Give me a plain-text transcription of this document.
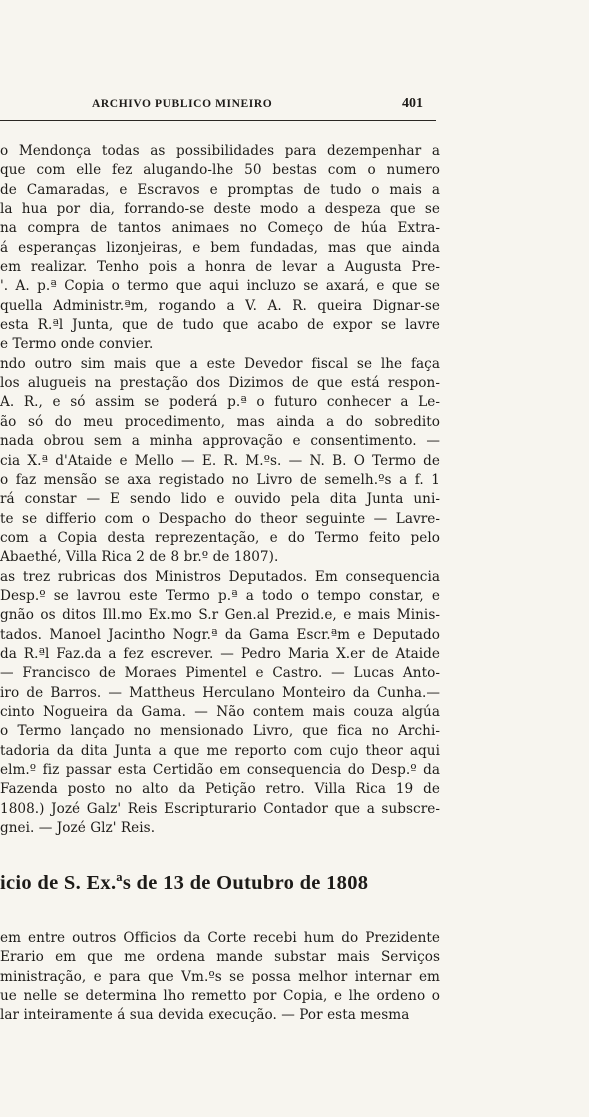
ARCHIVO PUBLICO MINEIRO	401
o Mendonça todas as possibilidades para dezempenhar a
que com elle fez alugando-lhe 50 bestas com o numero
de Camaradas, e Escravos e promptas de tudo o mais a
la hua por dia, forrando-se deste modo a despeza que se
na compra de tantos animaes no Começo de húa Extra-
á esperanças lizonjeiras, e bem fundadas, mas que ainda
em realizar. Tenho pois a honra de levar a Augusta Pre-
'. A. p.ª Copia o termo que aqui incluzo se axará, e que se
quella Administr.ªm, rogando a V. A. R. queira Dignar-se
esta R.ªl Junta, que de tudo que acabo de expor se lavre
e Termo onde convier.
ndo outro sim mais que a este Devedor fiscal se lhe faça
los alugueis na prestação dos Dizimos de que está respon-
A. R., e só assim se poderá p.ª o futuro conhecer a Le-
ão só do meu procedimento, mas ainda a do sobredito
nada obrou sem a minha approvação e consentimento. —
cia X.ª d'Ataide e Mello — E. R. M.ºs. — N. B. O Termo de
o faz mensão se axa registado no Livro de semelh.ºs a f. 1
rá constar — E sendo lido e ouvido pela dita Junta uni-
te se differio com o Despacho do theor seguinte — Lavre-
com a Copia desta reprezentação, e do Termo feito pelo
Abaethé, Villa Rica 2 de 8 br.º de 1807).
as trez rubricas dos Ministros Deputados. Em consequencia
Desp.º se lavrou este Termo p.ª a todo o tempo constar, e
gnão os ditos Ill.mo Ex.mo S.r Gen.al Prezid.e, e mais Minis-
tados. Manoel Jacintho Nogr.ª da Gama Escr.ªm e Deputado
da R.ªl Faz.da a fez escrever. — Pedro Maria X.er de Ataide
— Francisco de Moraes Pimentel e Castro. — Lucas Anto-
iro de Barros. — Mattheus Herculano Monteiro da Cunha.—
cinto Nogueira da Gama. — Não contem mais couza algúa
o Termo lançado no mensionado Livro, que fica no Archi-
tadoria da dita Junta a que me reporto com cujo theor aqui
elm.º fiz passar esta Certidão em consequencia do Desp.º da
Fazenda posto no alto da Petição retro. Villa Rica 19 de
1808.) Jozé Galz' Reis Escripturario Contador que a subscre-
gnei. — Jozé Glz' Reis.
icio de S. Ex.ªs de 13 de Outubro de 1808
em entre outros Officios da Corte recebi hum do Prezidente
Erario em que me ordena mande substar mais Serviços
ministração, e para que Vm.ºs se possa melhor internar em
ue nelle se determina lho remetto por Copia, e lhe ordeno o
lar inteiramente á sua devida execução. — Por esta mesma
